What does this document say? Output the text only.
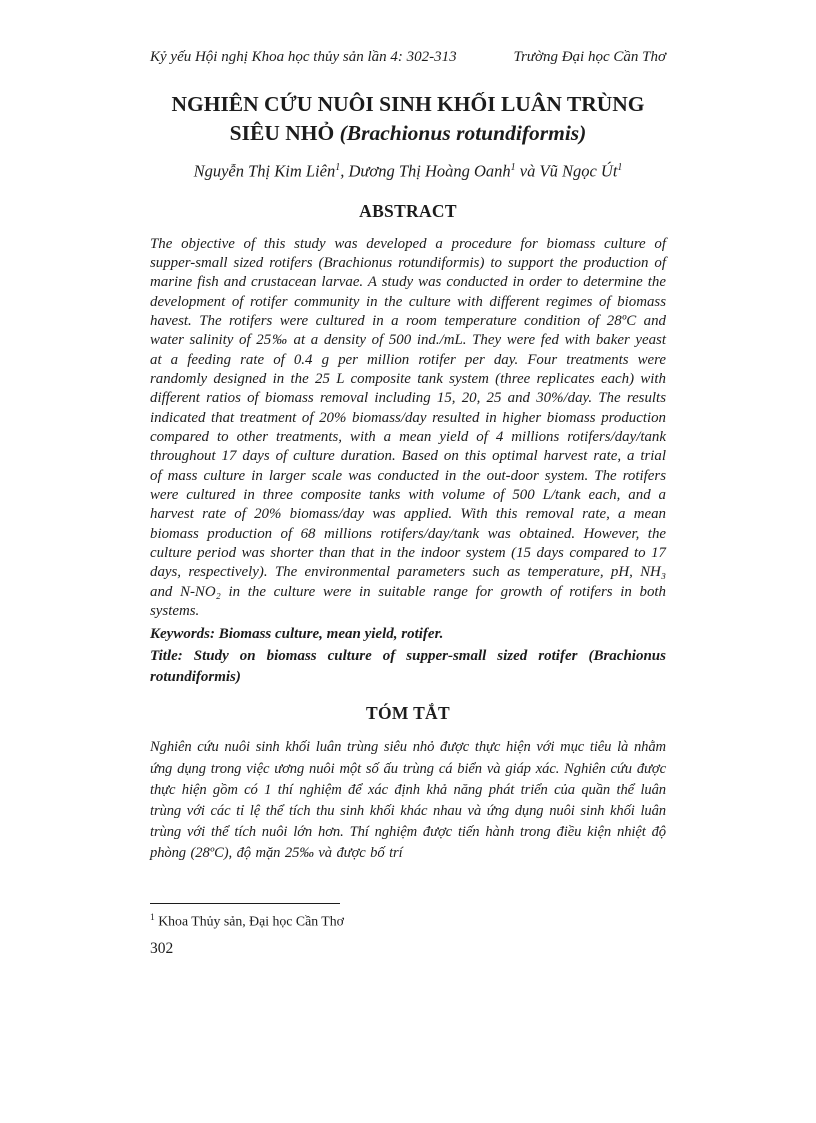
Kỷ yếu Hội nghị Khoa học thủy sản lần 4: 302-313	Trường Đại học Cần Thơ
NGHIÊN CỨU NUÔI SINH KHỐI LUÂN TRÙNG
SIÊU NHỎ (Brachionus rotundiformis)
Nguyễn Thị Kim Liên$^1$, Dương Thị Hoàng Oanh$^1$ và Vũ Ngọc $Út^1$
ABSTRACT

The objective of this study was developed a procedure for biomass culture of supper-small sized rotifers (Brachionus rotundiformis) to support the production of marine fish and crustacean larvae. A study was conducted in order to determine the development of rotifer community in the culture with different regimes of biomass havest. The rotifers were cultured in a room temperature condition of 28ºC and water salinity of 25‰ at a density of 500 ind./mL. They were fed with baker yeast at a feeding rate of 0.4 g per million rotifer per day. Four treatments were randomly designed in the 25 L composite tank system (three replicates each) with different ratios of biomass removal including 15, 20, 25 and 30%/day. The results indicated that treatment of 20% biomass/day resulted in higher biomass production compared to other treatments, with a mean yield of 4 millions rotifers/day/tank throughout 17 days of culture duration. Based on this optimal harvest rate, a trial of mass culture in larger scale was conducted in the out-door system. The rotifers were cultured in three composite tanks with volume of 500 L/tank each, and a harvest rate of 20% biomass/day was applied. With this removal rate, a mean biomass production of 68 millions rotifers/day/tank was obtained. However, the culture period was shorter than that in the indoor system (15 days compared to 17 days, respectively). The environmental parameters such as temperature, pH, NH₃ and N-NO₂ in the culture were in suitable range for growth of rotifers in both systems.

Keywords: Biomass culture, mean yield, rotifer.

Title: Study on biomass culture of supper-small sized rotifer (Brachionus rotundiformis)

TÓM TẮT

Nghiên cứu nuôi sinh khối luân trùng siêu nhỏ được thực hiện với mục tiêu là nhằm ứng dụng trong việc ương nuôi một số ấu trùng cá biển và giáp xác. Nghiên cứu được thực hiện gồm có 1 thí nghiệm để xác định khả năng phát triển của quần thể luân trùng với các tỉ lệ thể tích thu sinh khối khác nhau và ứng dụng nuôi sinh khối luân trùng với thể tích nuôi lớn hơn. Thí nghiệm được tiến hành trong điều kiện nhiệt độ phòng (28ºC), độ mặn 25‰ và được bố trí

$^1$ Khoa Thủy sản, Đại học Cần Thơ
302
